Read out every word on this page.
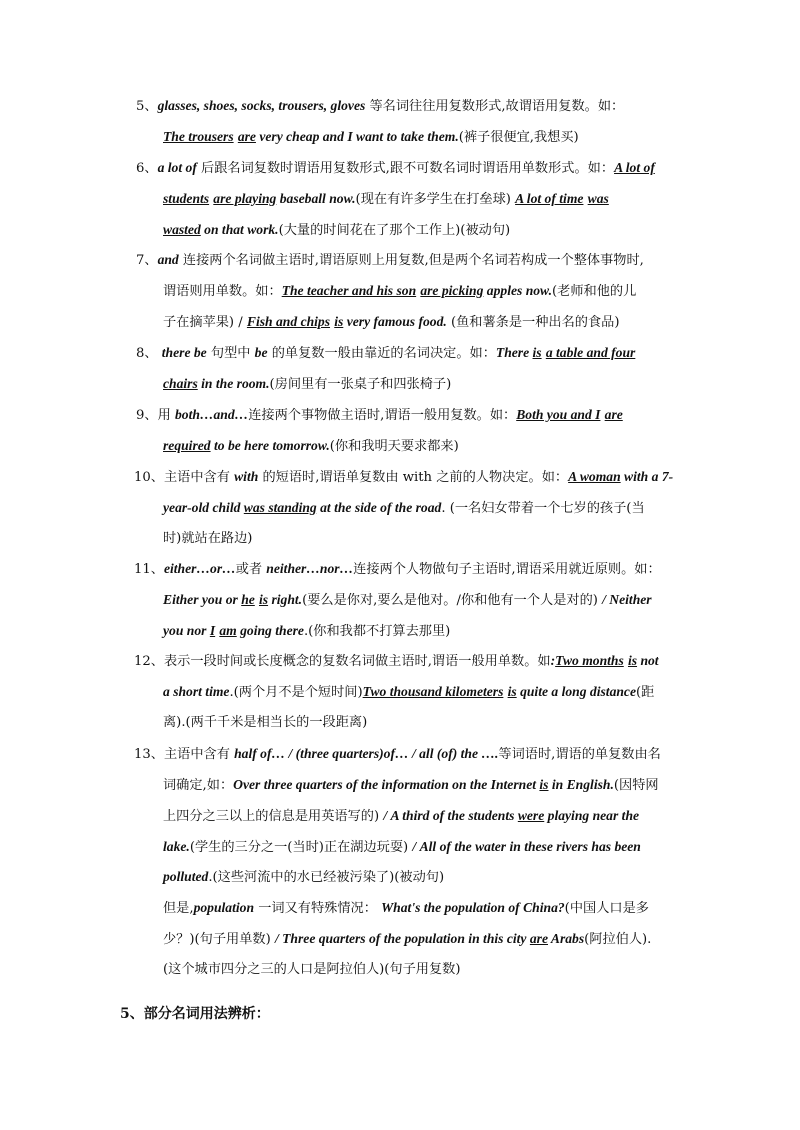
5、glasses, shoes, socks, trousers, gloves 等名词往往用复数形式,故谓语用复数。如：
The trousers are very cheap and I want to take them.(裤子很便宜,我想买)
6、a lot of 后跟名词复数时谓语用复数形式,跟不可数名词时谓语用单数形式。如：A lot of
students are playing baseball now.(现在有许多学生在打垒球) A lot of time was
wasted on that work.(大量的时间花在了那个工作上)(被动句)
7、and 连接两个名词做主语时,谓语原则上用复数,但是两个名词若构成一个整体事物时,
谓语则用单数。如：The teacher and his son are picking apples now.(老师和他的儿
子在摘苹果) / Fish and chips is very famous food. (鱼和薯条是一种出名的食品)
8、 there be 句型中 be 的单复数一般由靠近的名词决定。如：There is a table and four
chairs in the room.(房间里有一张桌子和四张椅子)
9、用 both…and…连接两个事物做主语时,谓语一般用复数。如：Both you and I are
required to be here tomorrow.(你和我明天要求都来)
10、主语中含有 with 的短语时,谓语单复数由 with 之前的人物决定。如：A woman with a 7-
year-old child was standing at the side of the road. (一名妇女带着一个七岁的孩子(当
时)就站在路边)
11、either…or…或者 neither…nor…连接两个人物做句子主语时,谓语采用就近原则。如：
Either you or he is right.(要么是你对,要么是他对。/你和他有一个人是对的) / Neither
you nor I am going there.(你和我都不打算去那里)
12、表示一段时间或长度概念的复数名词做主语时,谓语一般用单数。如:Two months is not
a short time.(两个月不是个短时间)Two thousand kilometers is quite a long distance(距
离).(两千千米是相当长的一段距离)
13、主语中含有 half of… / (three quarters)of… / all (of) the ….等词语时,谓语的单复数由名
词确定,如：Over three quarters of the information on the Internet is in English.(因特网
上四分之三以上的信息是用英语写的) / A third of the students were playing near the
lake.(学生的三分之一(当时)正在湖边玩耍) / All of the water in these rivers has been
polluted.(这些河流中的水已经被污染了)(被动句)
但是,population 一词又有特殊情况： What's the population of China?(中国人口是多
少？)(句子用单数) / Three quarters of the population in this city are Arabs(阿拉伯人).
(这个城市四分之三的人口是阿拉伯人)(句子用复数)
5、部分名词用法辨析：
